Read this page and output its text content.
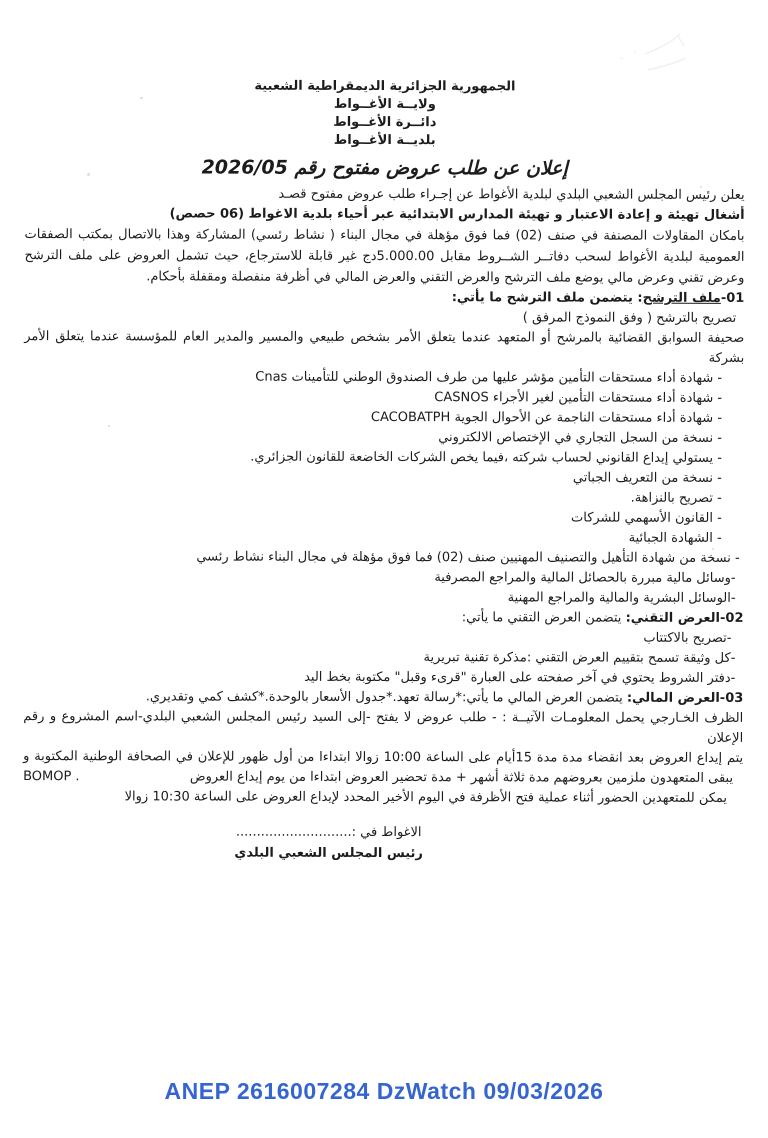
الجمهورية الجزائرية الديمقراطية الشعبية
ولايــة الأغــواط
دائــرة الأغــواط
بلديــة الأغــواط
إعلان عن طلب عروض مفتوح رقم 2026/05
يعلن رئيس المجلس الشعبي البلدي لبلدية الأغواط عن إجـراء طلب عروض مفتوح قصـد
أشغال تهيئة و إعادة الاعتبار و تهيئة المدارس الابتدائية عبر أحياء بلدية الاغواط (06 حصص)
بامكان المقاولات المصنفة في صنف (02) فما فوق مؤهلة في مجال البناء ( نشاط رئسي) المشاركة وهذا بالاتصال بمكتب الصفقات
العمومية لبلدية الأغواط لسحب دفاتــر الشــروط مقابل 5.000.00دج غير قابلة للاسترجاع، حيث تشمل العروض على ملف الترشح
وعرض تقني وعرض مالي يوضع ملف الترشح والعرض التقني والعرض المالي في أظرفة منفصلة ومقفلة بأحكام.
01-ملف الترشح: يتضمن ملف الترشح ما يأتي:
تصريح بالترشح ( وفق النموذج المرفق )
صحيفة السوابق القضائية بالمرشح أو المتعهد عندما يتعلق الأمر بشخص طبيعي والمسير والمدير العام للمؤسسة عندما يتعلق الأمر بشركة
- شهادة أداء مستحقات التأمين مؤشر عليها من طرف الصندوق الوطني للتأمينات Cnas
- شهادة أداء مستحقات التأمين لغير الأجراء CASNOS
- شهادة أداء مستحقات الناجمة عن الأحوال الجوية CACOBATPH
- نسخة من السجل التجاري في الإختصاص الالكتروني
- يستولي إيداع القانوني لحساب شركته ،فيما يخص الشركات الخاضعة للقانون الجزائري.
- نسخة من التعريف الجباتي
- تصريح بالنزاهة.
- القانون الأسهمي للشركات
- الشهادة الجبائية
- نسخة من شهادة التأهيل والتصنيف المهنيين صنف (02) فما فوق مؤهلة في مجال البناء نشاط رئسي
-وسائل مالية مبررة بالحصائل المالية والمراجع المصرفية
-الوسائل البشرية والمالية والمراجع المهنية
02-العرض التقني: يتضمن العرض التقني ما يأتي:
-تصريح بالاكتتاب
-كل وثيقة تسمح بتقييم العرض التقني :مذكرة تقنية تبريرية
-دفتر الشروط يحتوي في آخر صفحته على العبارة "قرىء وقبل" مكتوبة بخط اليد
03-العرض المالي: يتضمن العرض المالي ما يأتي:*رسالة تعهد.*جدول الأسعار بالوحدة.*كشف كمي وتقديري.
الظرف الخـارجي يحمل المعلومـات الآتيــة : - طلب عروض لا يفتح -إلى السيد رئيس المجلس الشعبي البلدي-اسم المشروع و رقم الإعلان
يتم إيداع العروض بعد انقضاء مدة مدة 15أيام على الساعة 10:00 زوالا ابتداءا من أول ظهور للإعلان في الصحافة الوطنية المكتوبة و
يبقى المتعهدون ملزمين بعروضهم مدة ثلاثة أشهر + مدة تحضير العروض ابتداءا من يوم إيداع العروض
BOMOP .
يمكن للمتعهدين الحضور أثناء عملية فتح الأظرفة في اليوم الأخير المحدد لإيداع العروض على الساعة 10:30 زوالا
الاغواط في :............................
رئيس المجلس الشعبي البلدي
ANEP 2616007284 DzWatch 09/03/2026
